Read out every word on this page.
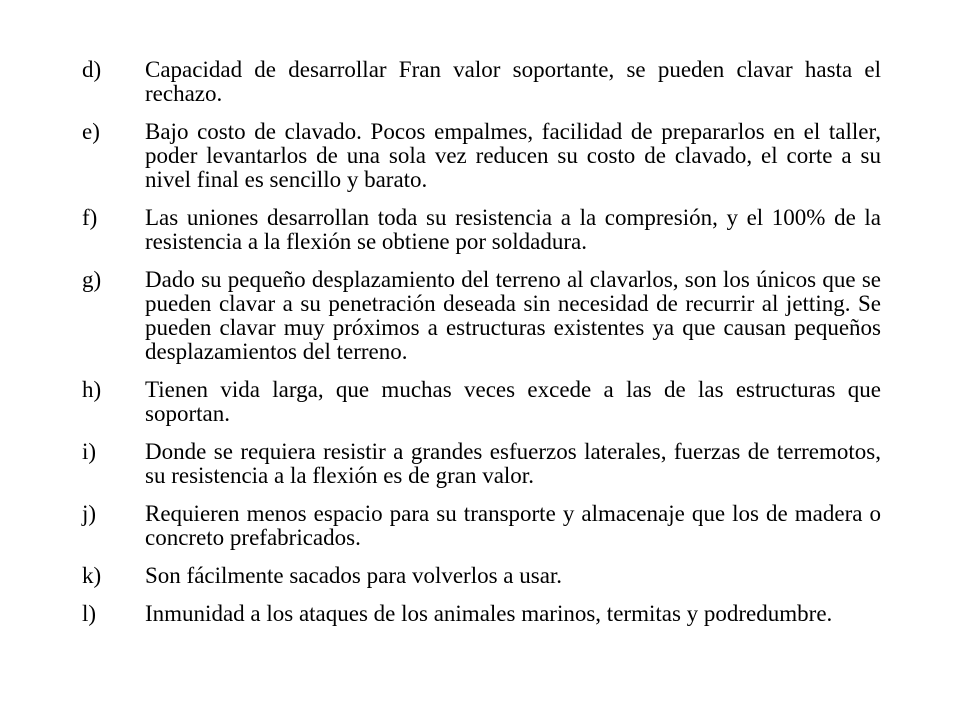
d)	Capacidad de desarrollar Fran valor soportante, se pueden clavar hasta el rechazo.
e)	Bajo costo de clavado. Pocos empalmes, facilidad de prepararlos en el taller, poder levantarlos de una sola vez reducen su costo de clavado, el corte a su nivel final es sencillo y barato.
f)	Las uniones desarrollan toda su resistencia a la compresión, y el 100% de la resistencia a la flexión se obtiene por soldadura.
g)	Dado su pequeño desplazamiento del terreno al clavarlos, son los únicos que se pueden clavar a su penetración deseada sin necesidad de recurrir al jetting. Se pueden clavar muy próximos a estructuras existentes ya que causan pequeños desplazamientos del terreno.
h)	Tienen vida larga, que muchas veces excede a las de las estructuras que soportan.
i)	Donde se requiera resistir a grandes esfuerzos laterales, fuerzas de terremotos, su resistencia a la flexión es de gran valor.
j)	Requieren menos espacio para su transporte y almacenaje que los de madera o concreto prefabricados.
k)	Son fácilmente sacados para volverlos a usar.
l)	Inmunidad a los ataques de los animales marinos, termitas y podredumbre.
